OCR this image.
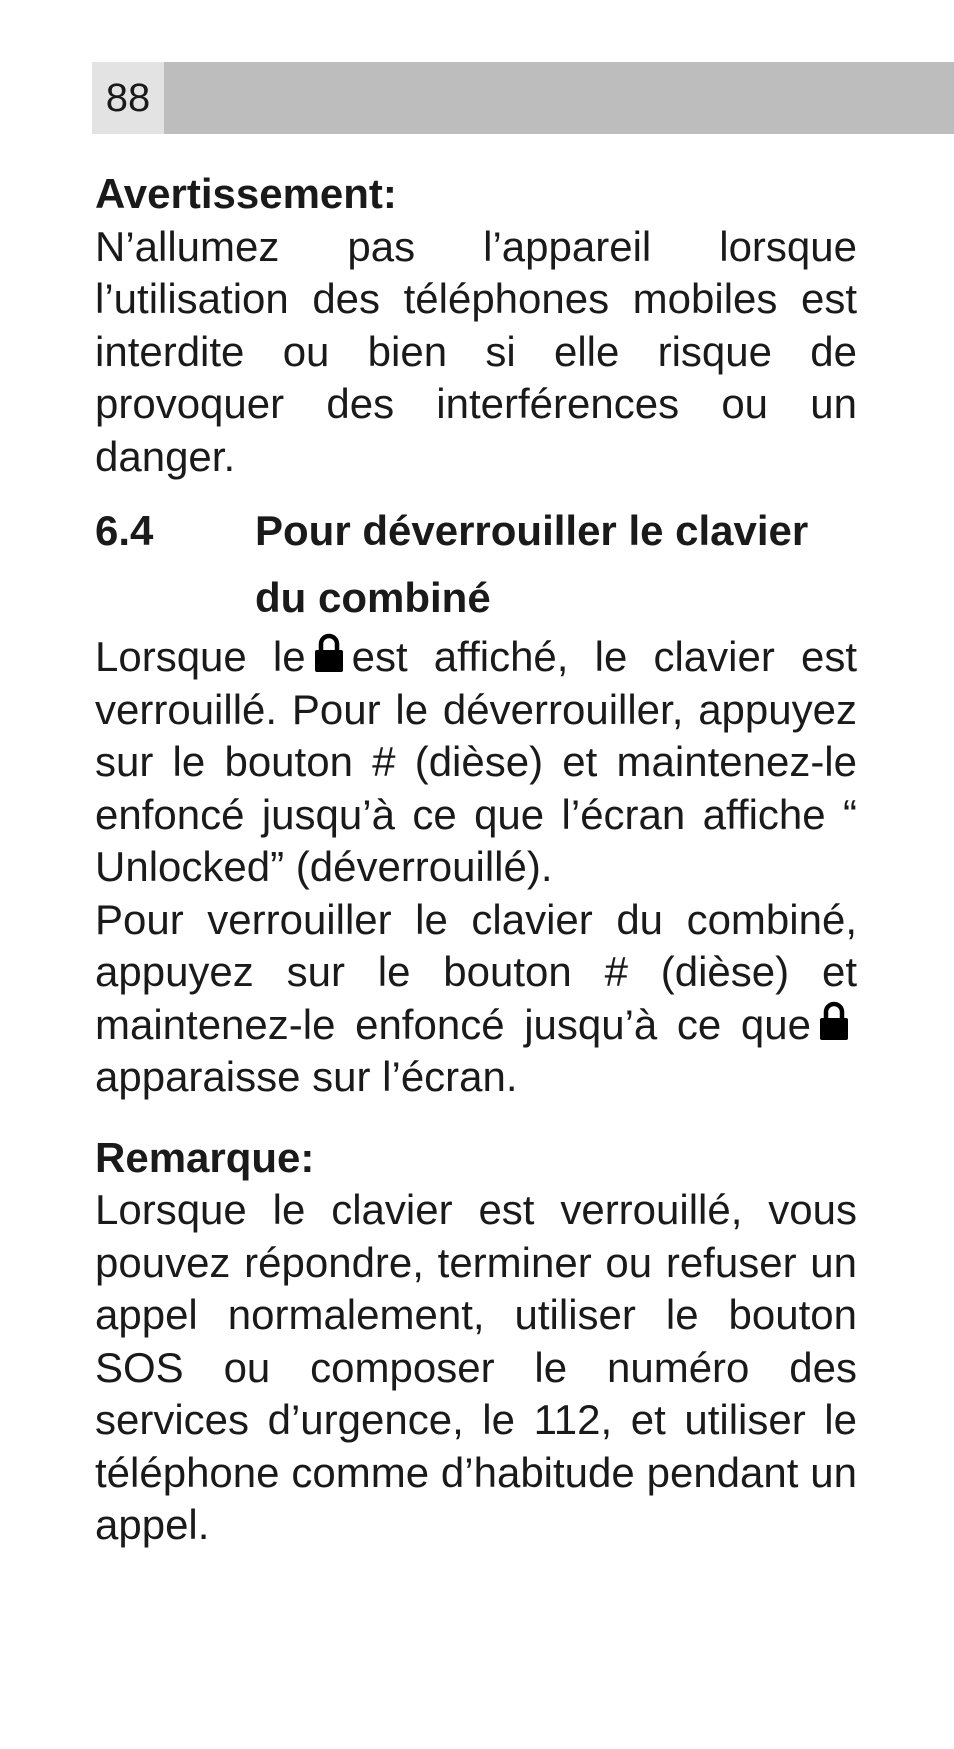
88

Avertissement:

N’allumez pas l’appareil lorsque l’utilisation des téléphones mobiles est interdite ou bien si elle risque de provoquer des interférences ou un danger.

6.4	Pour déverrouiller le clavier du combiné

Lorsque le est affiché, le clavier est verrouillé. Pour le déverrouiller, appuyez sur le bouton # (dièse) et maintenez-le enfoncé jusqu’à ce que l’écran affiche “ Unlocked” (déverrouillé).

Pour verrouiller le clavier du combiné, appuyez sur le bouton # (dièse) et maintenez-le enfoncé jusqu’à ce queapparaisse sur l’écran.

Remarque:

Lorsque le clavier est verrouillé, vous pouvez répondre, terminer ou refuser un appel normalement, utiliser le bouton SOS ou composer le numéro des services d’urgence, le 112, et utiliser le téléphone comme d’habitude pendant un appel.
